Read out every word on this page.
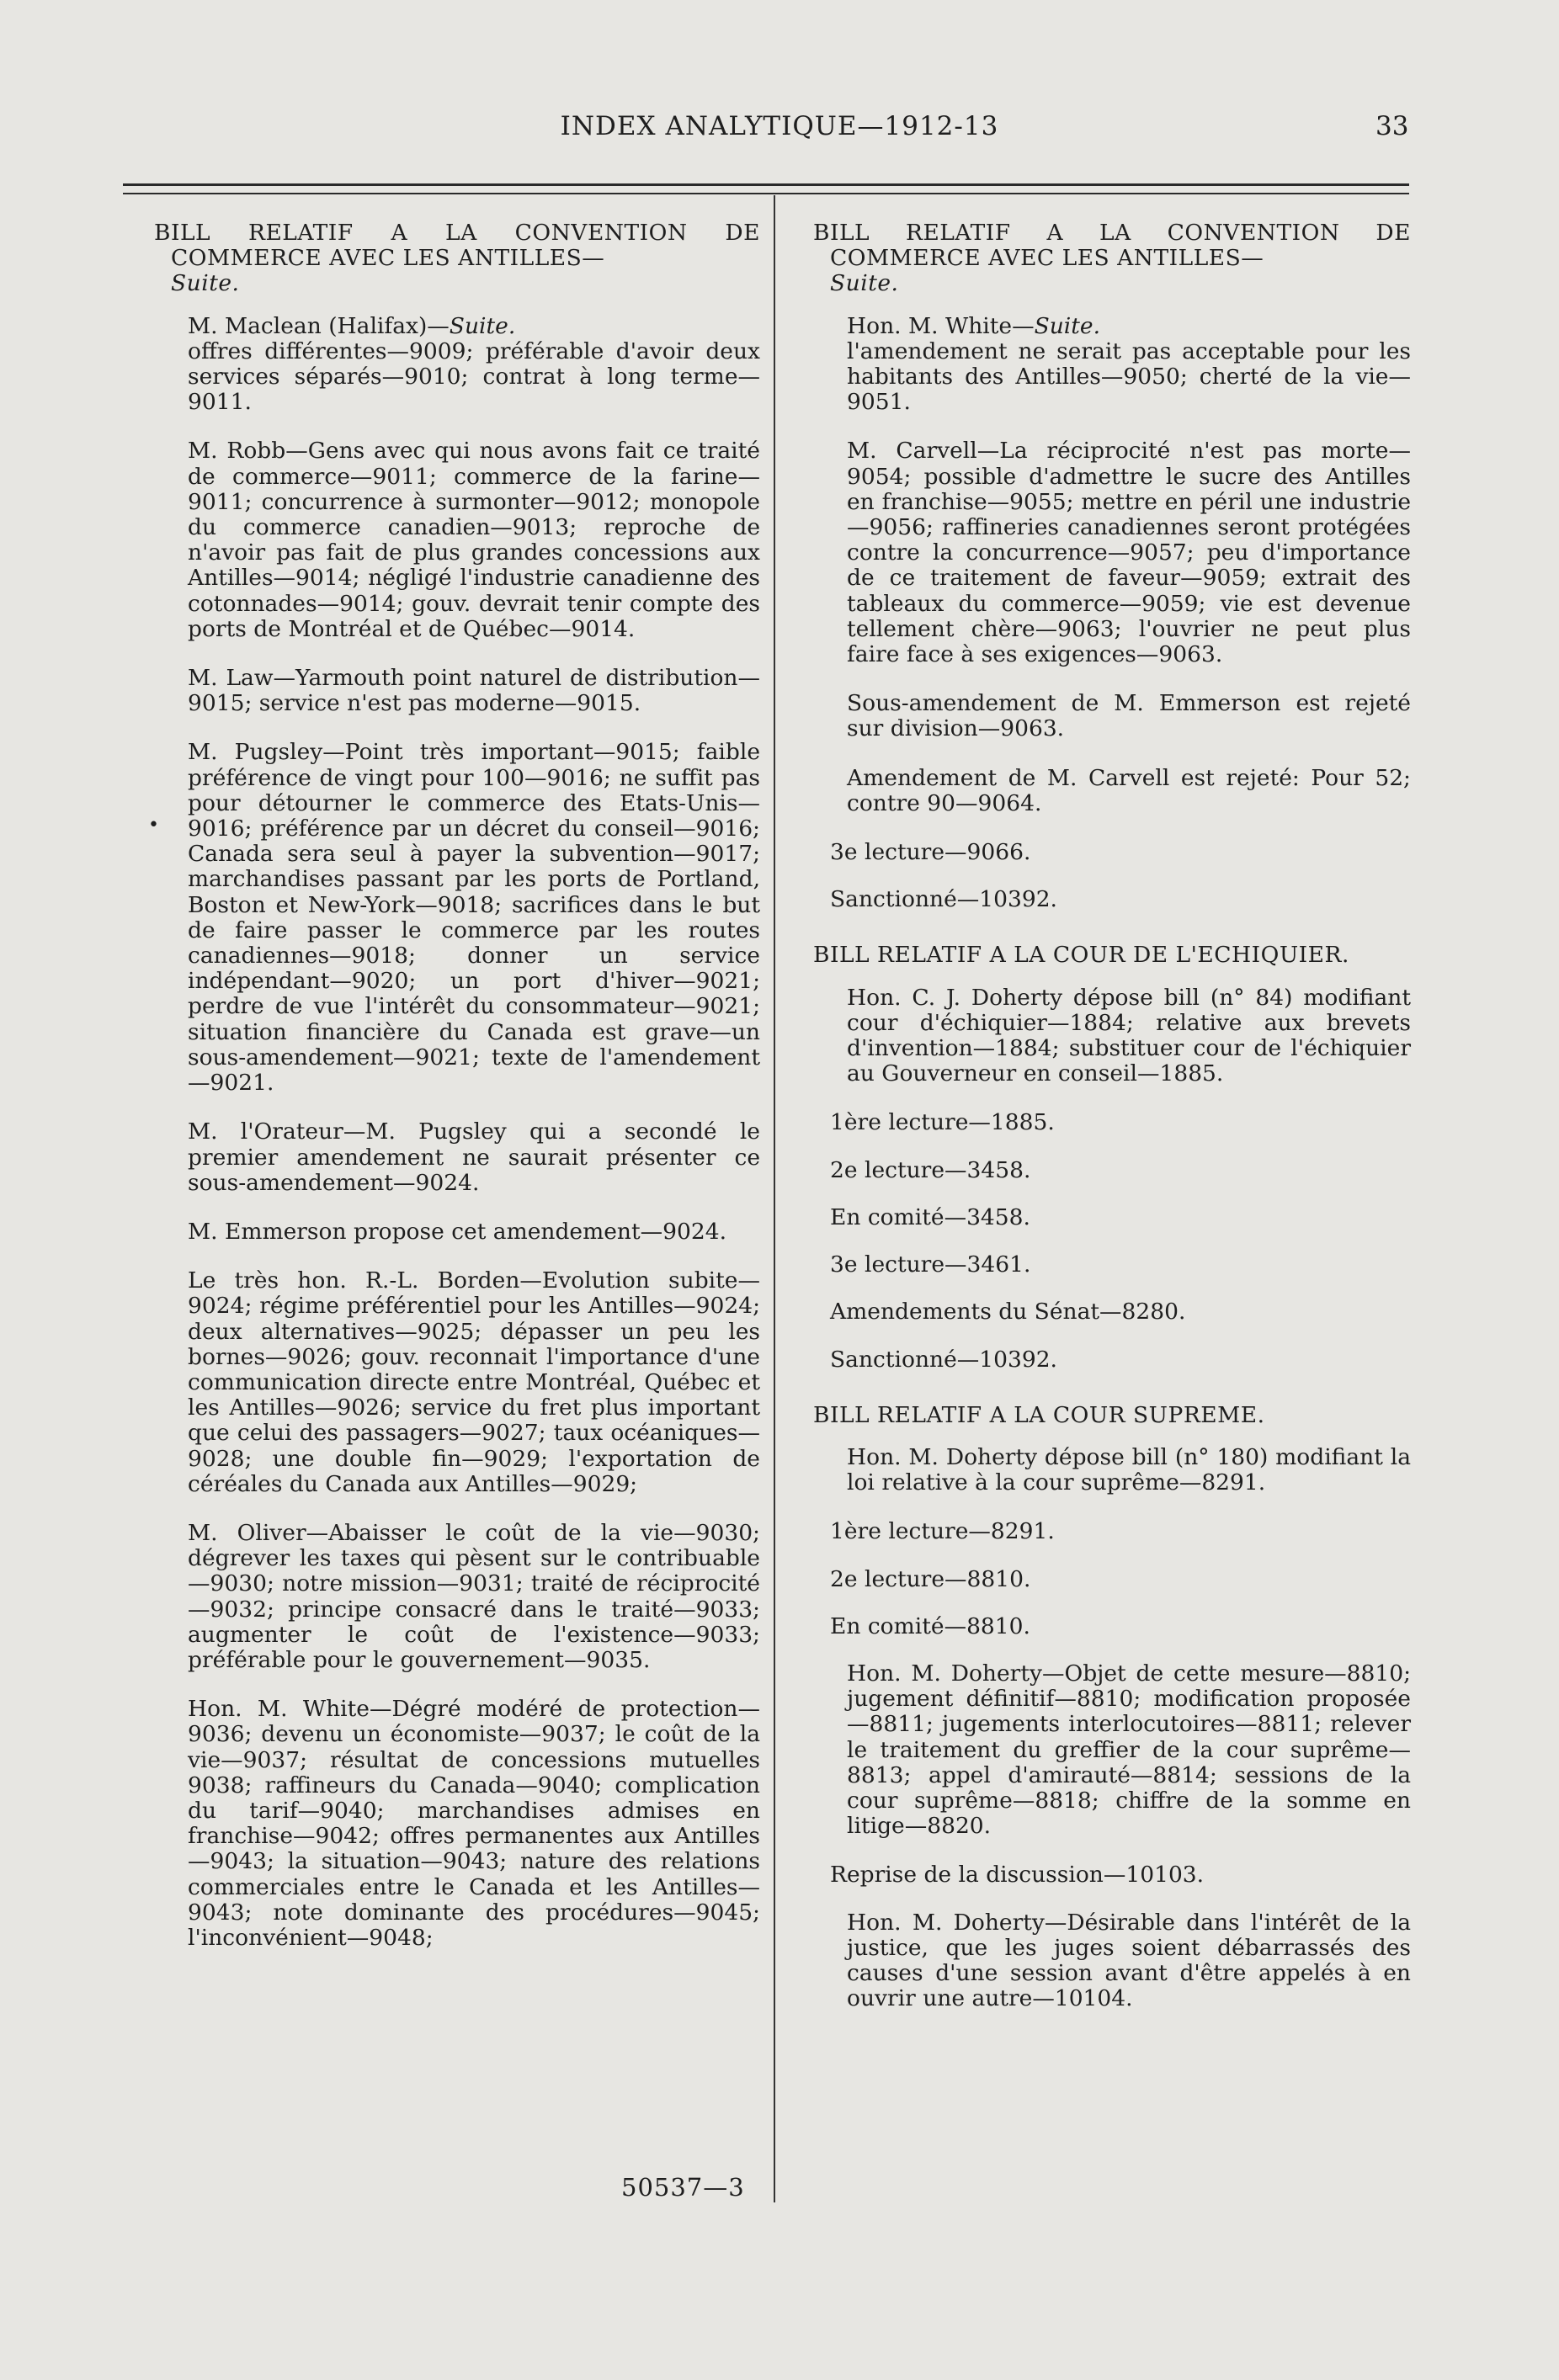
INDEX ANALYTIQUE—1912-13	33

BILL RELATIF A LA CONVENTION DE COMMERCE AVEC LES ANTILLES—
Suite.

M. Maclean (Halifax)—Suite.
offres différentes—9009; préférable d'avoir deux services séparés—9010; contrat à long terme—9011.
M. Robb—Gens avec qui nous avons fait ce traité de commerce—9011; commerce de la farine—9011; concurrence à surmonter—9012; monopole du commerce canadien—9013; reproche de n'avoir pas fait de plus grandes concessions aux Antilles—9014; négligé l'industrie canadienne des cotonnades—9014; gouv. devrait tenir compte des ports de Montréal et de Québec—9014.
M. Law—Yarmouth point naturel de distribution—9015; service n'est pas moderne—9015.
M. Pugsley—Point très important—9015; faible préférence de vingt pour 100—9016; ne suffit pas pour détourner le commerce des Etats-Unis—9016; préférence par un décret du conseil—9016; Canada sera seul à payer la subvention—9017; marchandises passant par les ports de Portland, Boston et New-York—9018; sacrifices dans le but de faire passer le commerce par les routes canadiennes—9018; donner un service indépendant—9020; un port d'hiver—9021; perdre de vue l'intérêt du consommateur—9021; situation financière du Canada est grave—un sous-amendement—9021; texte de l'amendement—9021.
M. l'Orateur—M. Pugsley qui a secondé le premier amendement ne saurait présenter ce sous-amendement—9024.
M. Emmerson propose cet amendement—9024.
Le très hon. R.-L. Borden—Evolution subite—9024; régime préférentiel pour les Antilles—9024; deux alternatives—9025; dépasser un peu les bornes—9026; gouv. reconnait l'importance d'une communication directe entre Montréal, Québec et les Antilles—9026; service du fret plus important que celui des passagers—9027; taux océaniques—9028; une double fin—9029; l'exportation de céréales du Canada aux Antilles—9029;
M. Oliver—Abaisser le coût de la vie—9030; dégrever les taxes qui pèsent sur le contribuable—9030; notre mission—9031; traité de réciprocité—9032; principe consacré dans le traité—9033; augmenter le coût de l'existence—9033; préférable pour le gouvernement—9035.
Hon. M. White—Dégré modéré de protection—9036; devenu un économiste—9037; le coût de la vie—9037; résultat de concessions mutuelles 9038; raffineurs du Canada—9040; complication du tarif—9040; marchandises admises en franchise—9042; offres permanentes aux Antilles—9043; la situation—9043; nature des relations commerciales entre le Canada et les Antilles—9043; note dominante des procédures—9045; l'inconvénient—9048;

BILL RELATIF A LA CONVENTION DE COMMERCE AVEC LES ANTILLES—
Suite.

Hon. M. White—Suite.
l'amendement ne serait pas acceptable pour les habitants des Antilles—9050; cherté de la vie—9051.
M. Carvell—La réciprocité n'est pas morte—9054; possible d'admettre le sucre des Antilles en franchise—9055; mettre en péril une industrie—9056; raffineries canadiennes seront protégées contre la concurrence—9057; peu d'importance de ce traitement de faveur—9059; extrait des tableaux du commerce—9059; vie est devenue tellement chère—9063; l'ouvrier ne peut plus faire face à ses exigences—9063.
Sous-amendement de M. Emmerson est rejeté sur division—9063.
Amendement de M. Carvell est rejeté: Pour 52; contre 90—9064.
3e lecture—9066.
Sanctionné—10392.

BILL RELATIF A LA COUR DE L'ECHIQUIER.

Hon. C. J. Doherty dépose bill (n° 84) modifiant cour d'échiquier—1884; relative aux brevets d'invention—1884; substituer cour de l'échiquier au Gouverneur en conseil—1885.
1ère lecture—1885.
2e lecture—3458.
En comité—3458.
3e lecture—3461.
Amendements du Sénat—8280.
Sanctionné—10392.

BILL RELATIF A LA COUR SUPREME.

Hon. M. Doherty dépose bill (n° 180) modifiant la loi relative à la cour suprême—8291.
1ère lecture—8291.
2e lecture—8810.
En comité—8810.
Hon. M. Doherty—Objet de cette mesure—8810; jugement définitif—8810; modification proposée—8811; jugements interlocutoires—8811; relever le traitement du greffier de la cour suprême—8813; appel d'amirauté—8814; sessions de la cour suprême—8818; chiffre de la somme en litige—8820.
Reprise de la discussion—10103.
Hon. M. Doherty—Désirable dans l'intérêt de la justice, que les juges soient débarrassés des causes d'une session avant d'être appelés à en ouvrir une autre—10104.
•
50537—3
